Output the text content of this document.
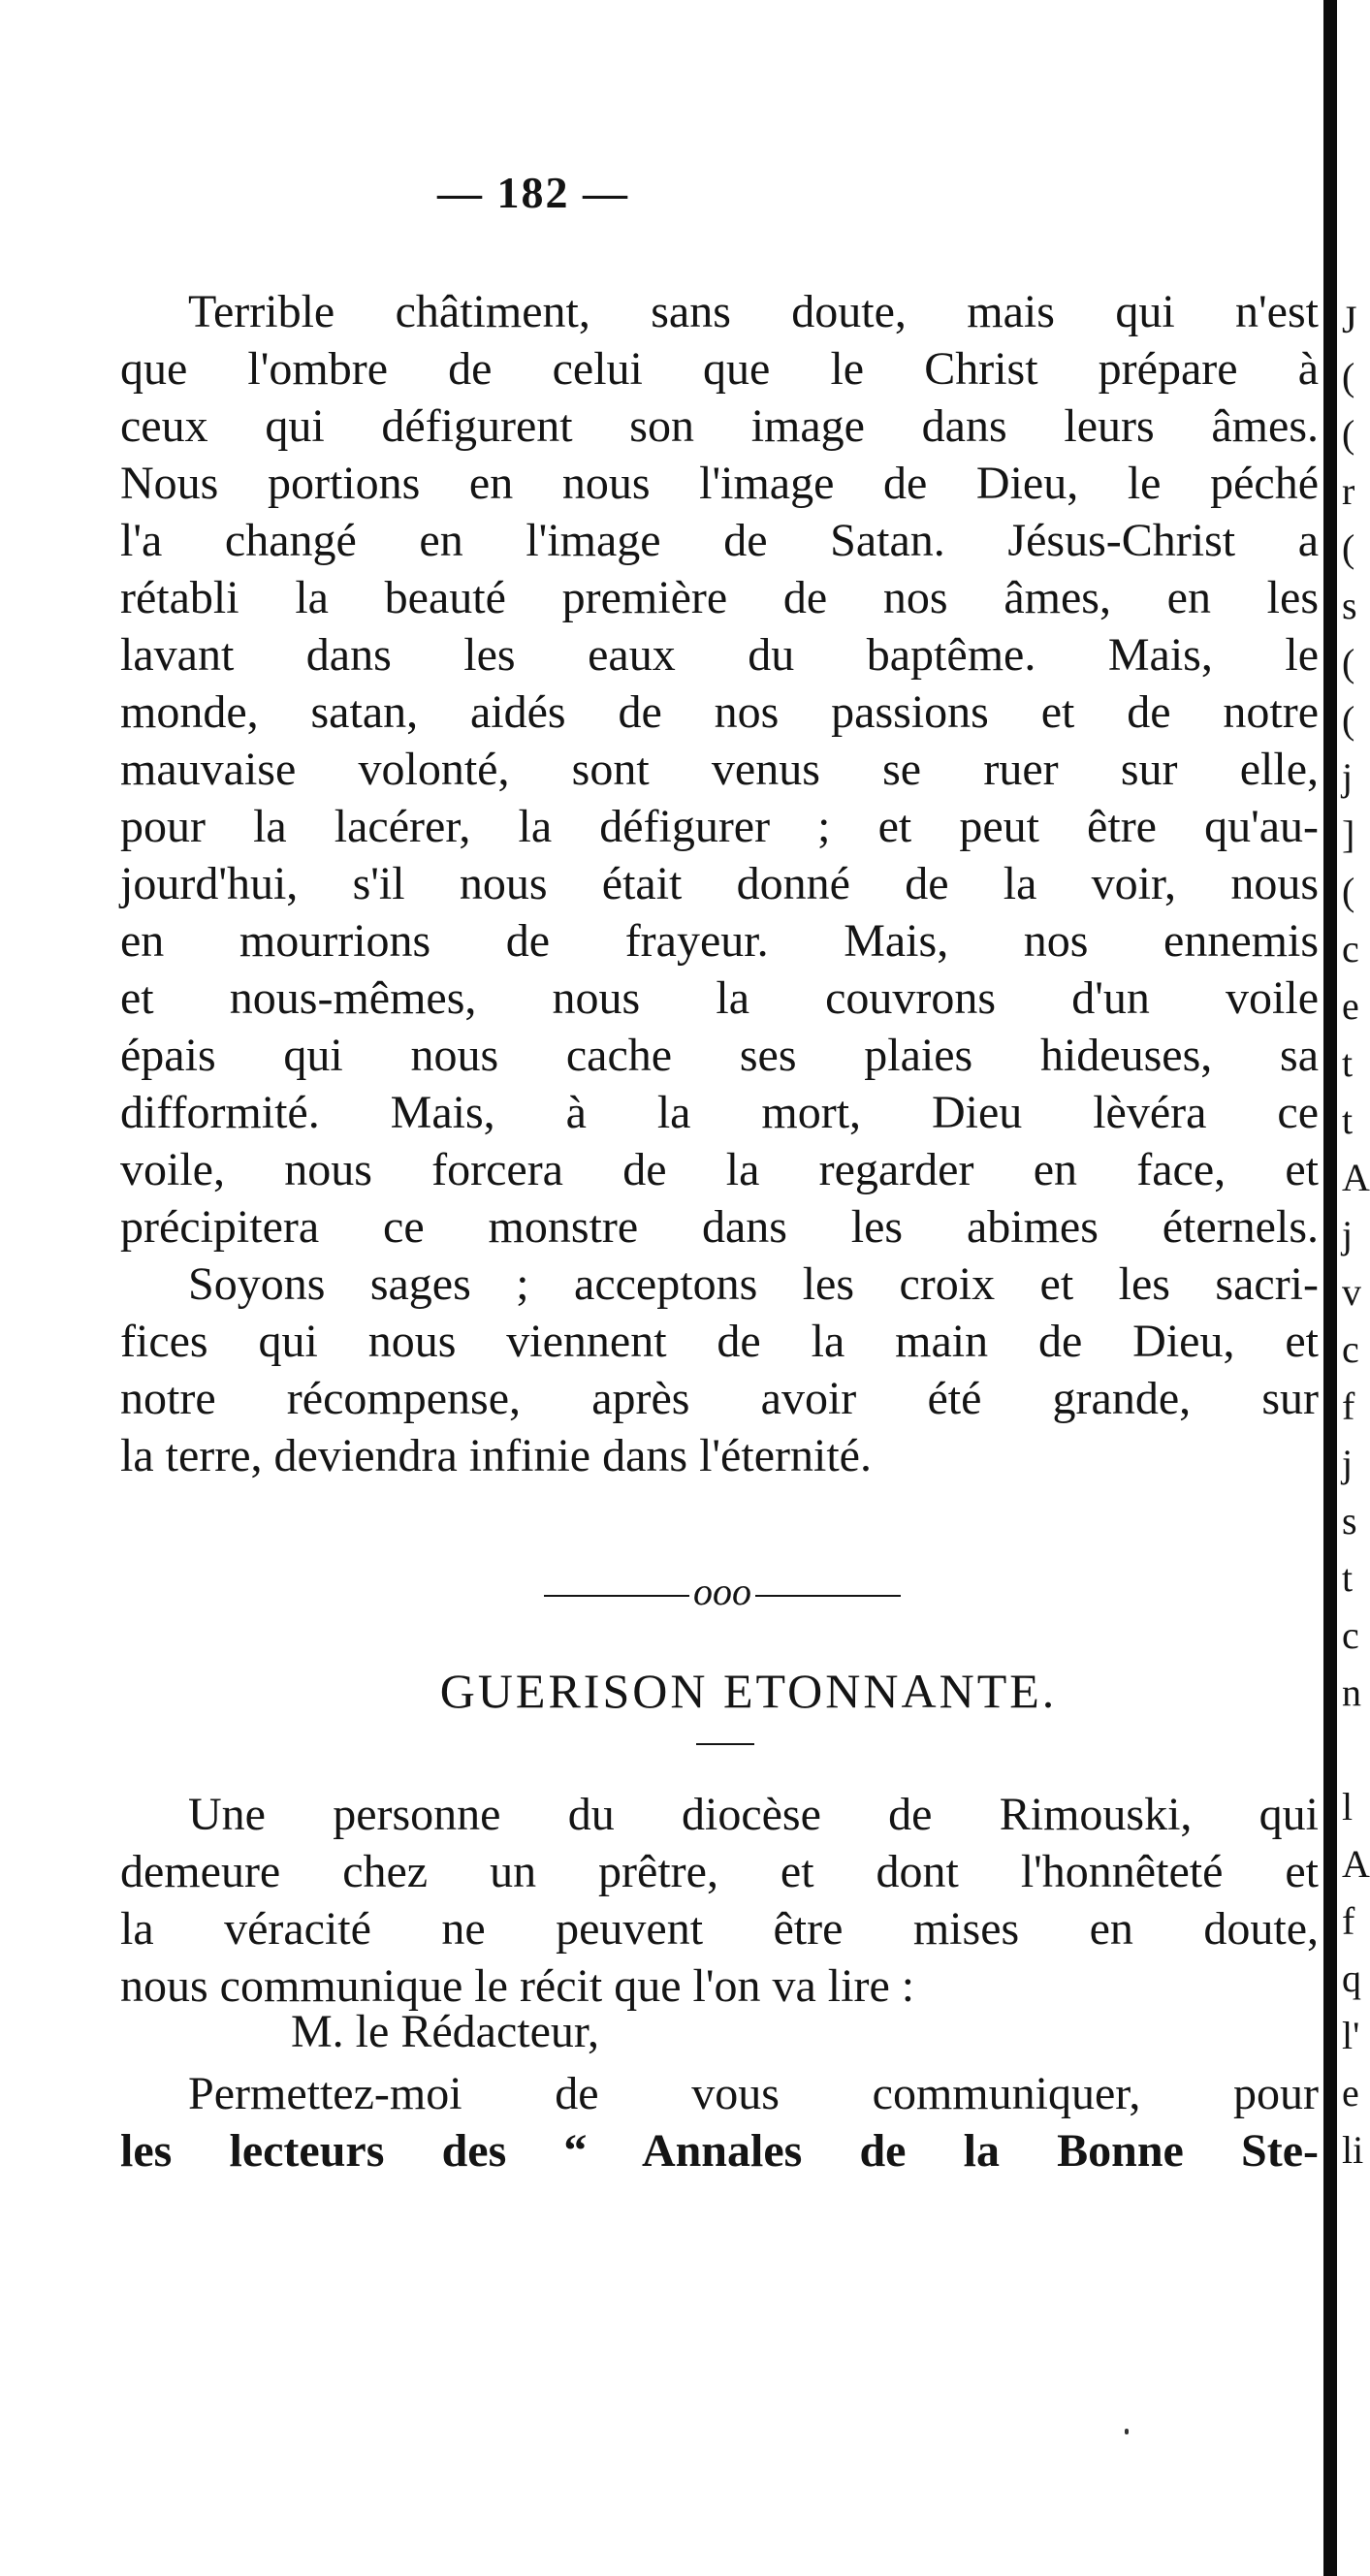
— 182 —
Terrible châtiment, sans doute, mais qui n'est
que l'ombre de celui que le Christ prépare à
ceux qui défigurent son image dans leurs âmes.
Nous portions en nous l'image de Dieu, le péché
l'a changé en l'image de Satan. Jésus-Christ a
rétabli la beauté première de nos âmes, en les
lavant dans les eaux du baptême. Mais, le
monde, satan, aidés de nos passions et de notre
mauvaise volonté, sont venus se ruer sur elle,
pour la lacérer, la défigurer ; et peut être qu'au-
jourd'hui, s'il nous était donné de la voir, nous
en mourrions de frayeur. Mais, nos ennemis
et nous-mêmes, nous la couvrons d'un voile
épais qui nous cache ses plaies hideuses, sa
difformité. Mais, à la mort, Dieu lèvéra ce
voile, nous forcera de la regarder en face, et
précipitera ce monstre dans les abimes éternels.
Soyons sages ; acceptons les croix et les sacri-
fices qui nous viennent de la main de Dieu, et
notre récompense, après avoir été grande, sur
la terre, deviendra infinie dans l'éternité.
ooo
GUERISON ETONNANTE.
Une personne du diocèse de Rimouski, qui
demeure chez un prêtre, et dont l'honnêteté et
la véracité ne peuvent être mises en doute,
nous communique le récit que l'on va lire :
M. le Rédacteur,
Permettez-moi de vous communiquer, pour
les lecteurs des “ Annales de la Bonne Ste-
J
(
(
r
(
s
(
(
j
]
(
c
e
t
t
A
j
v
c
f
j
s
t
c
n
l
A
f
q
l'
e
li
